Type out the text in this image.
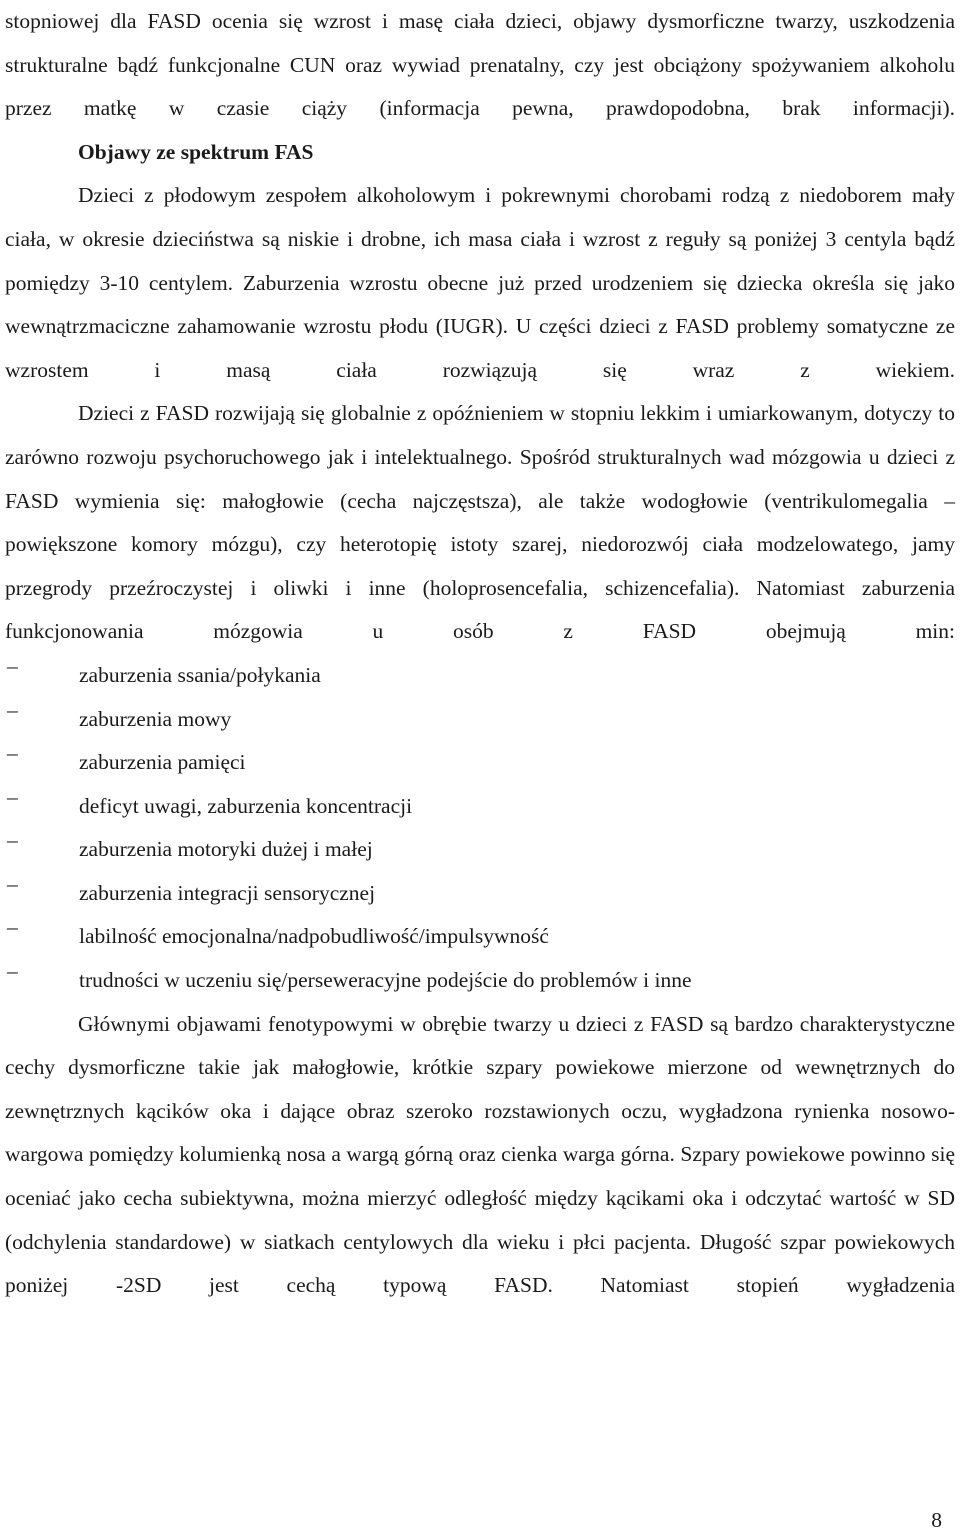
stopniowej dla FASD ocenia się wzrost i masę ciała dzieci, objawy dysmorficzne twarzy, uszkodzenia strukturalne bądź funkcjonalne CUN oraz wywiad prenatalny, czy jest obciążony spożywaniem alkoholu przez matkę w czasie ciąży (informacja pewna, prawdopodobna, brak informacji).

Objawy ze spektrum FAS

Dzieci z płodowym zespołem alkoholowym i pokrewnymi chorobami rodzą z niedoborem mały ciała, w okresie dzieciństwa są niskie i drobne, ich masa ciała i wzrost z reguły są poniżej 3 centyla bądź pomiędzy 3-10 centylem. Zaburzenia wzrostu obecne już przed urodzeniem się dziecka określa się jako wewnątrzmaciczne zahamowanie wzrostu płodu (IUGR). U części dzieci z FASD problemy somatyczne ze wzrostem i masą ciała rozwiązują się wraz z wiekiem.

Dzieci z FASD rozwijają się globalnie z opóźnieniem w stopniu lekkim i umiarkowanym, dotyczy to zarówno rozwoju psychoruchowego jak i intelektualnego. Spośród strukturalnych wad mózgowia u dzieci z FASD wymienia się: małogłowie (cecha najczęstsza), ale także wodogłowie (ventrikulomegalia – powiększone komory mózgu), czy heterotopię istoty szarej, niedorozwój ciała modzelowatego, jamy przegrody przeźroczystej i oliwki i inne (holoprosencefalia, schizencefalia). Natomiast zaburzenia funkcjonowania mózgowia u osób z FASD obejmują min:

–	zaburzenia ssania/połykania
–	zaburzenia mowy
–	zaburzenia pamięci
–	deficyt uwagi, zaburzenia koncentracji
–	zaburzenia motoryki dużej i małej
–	zaburzenia integracji sensorycznej
–	labilność emocjonalna/nadpobudliwość/impulsywność
–	trudności w uczeniu się/perseweracyjne podejście do problemów i inne

Głównymi objawami fenotypowymi w obrębie twarzy u dzieci z FASD są bardzo charakterystyczne cechy dysmorficzne takie jak małogłowie, krótkie szpary powiekowe mierzone od wewnętrznych do zewnętrznych kącików oka i dające obraz szeroko rozstawionych oczu, wygładzona rynienka nosowo-wargowa pomiędzy kolumienką nosa a wargą górną oraz cienka warga górna. Szpary powiekowe powinno się oceniać jako cecha subiektywna, można mierzyć odległość między kącikami oka i odczytać wartość w SD (odchylenia standardowe) w siatkach centylowych dla wieku i płci pacjenta. Długość szpar powiekowych poniżej -2SD jest cechą typową FASD. Natomiast stopień wygładzenia

8
